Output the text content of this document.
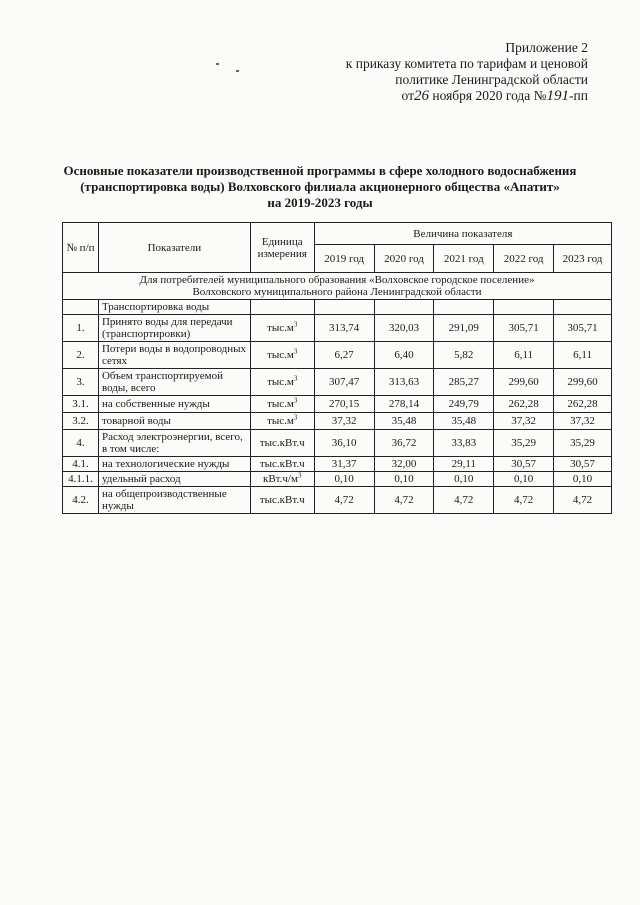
Приложение 2
к приказу комитета по тарифам и ценовой
политике Ленинградской области
от26 ноября 2020 года №191-пп
Основные показатели производственной программы в сфере холодного водоснабжения
(транспортировка воды) Волховского филиала акционерного общества «Апатит»
на 2019-2023 годы
№ п/п	Показатели	Единица измерения	Величина показателя				
			2019 год	2020 год	2021 год	2022 год	2023 год
Для потребителей муниципального образования «Волховское городское поселение»
Волховского муниципального района Ленинградской области							
	Транспортировка воды						
1.	Принято воды для передачи (транспортировки)	$тыс.м^3$	313,74	320,03	291,09	305,71	305,71
2.	Потери воды в водопроводных сетях	$тыс.м^3$	6,27	6,40	5,82	6,11	6,11
3.	Объем транспортируемой воды, всего	$тыс.м^3$	307,47	313,63	285,27	299,60	299,60
3.1.	на собственные нужды	$тыс.м^3$	270,15	278,14	249,79	262,28	262,28
3.2.	товарной воды	$тыс.м^3$	37,32	35,48	35,48	37,32	37,32
4.	Расход электроэнергии, всего, в том числе:	тыс.кВт.ч	36,10	36,72	33,83	35,29	35,29
4.1.	на технологические нужды	тыс.кВт.ч	31,37	32,00	29,11	30,57	30,57
4.1.1.	удельный расход	$кВт.ч/м^3$	0,10	0,10	0,10	0,10	0,10
4.2.	на общепроизводственные нужды	тыс.кВт.ч	4,72	4,72	4,72	4,72	4,72
